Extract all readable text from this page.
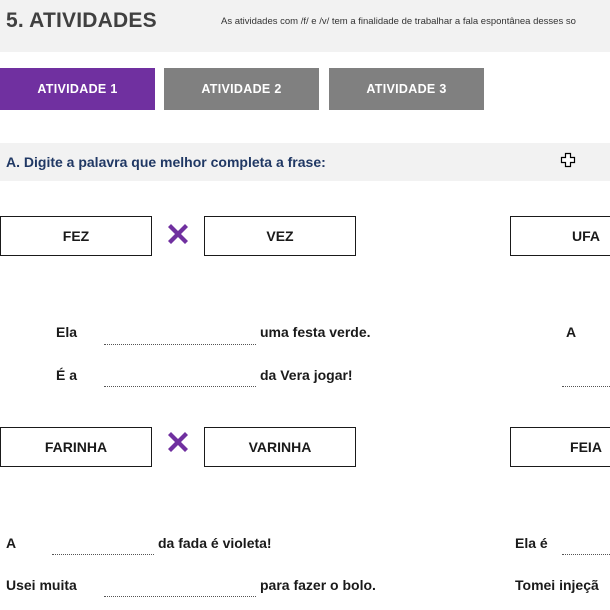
5. ATIVIDADES	As atividades com /f/ e /v/ tem a finalidade de trabalhar a fala espontânea desses so
ATIVIDADE 1	ATIVIDADE 2	ATIVIDADE 3
A. Digite a palavra que melhor completa a frase:
FEZ	VEZ	UFA
Ela	uma festa verde.
É a	da Vera jogar!
A
FARINHA	VARINHA	FEIA
A	da fada é violeta!
Usei muita	para fazer o bolo.
Ela é
Tomei injeçã
